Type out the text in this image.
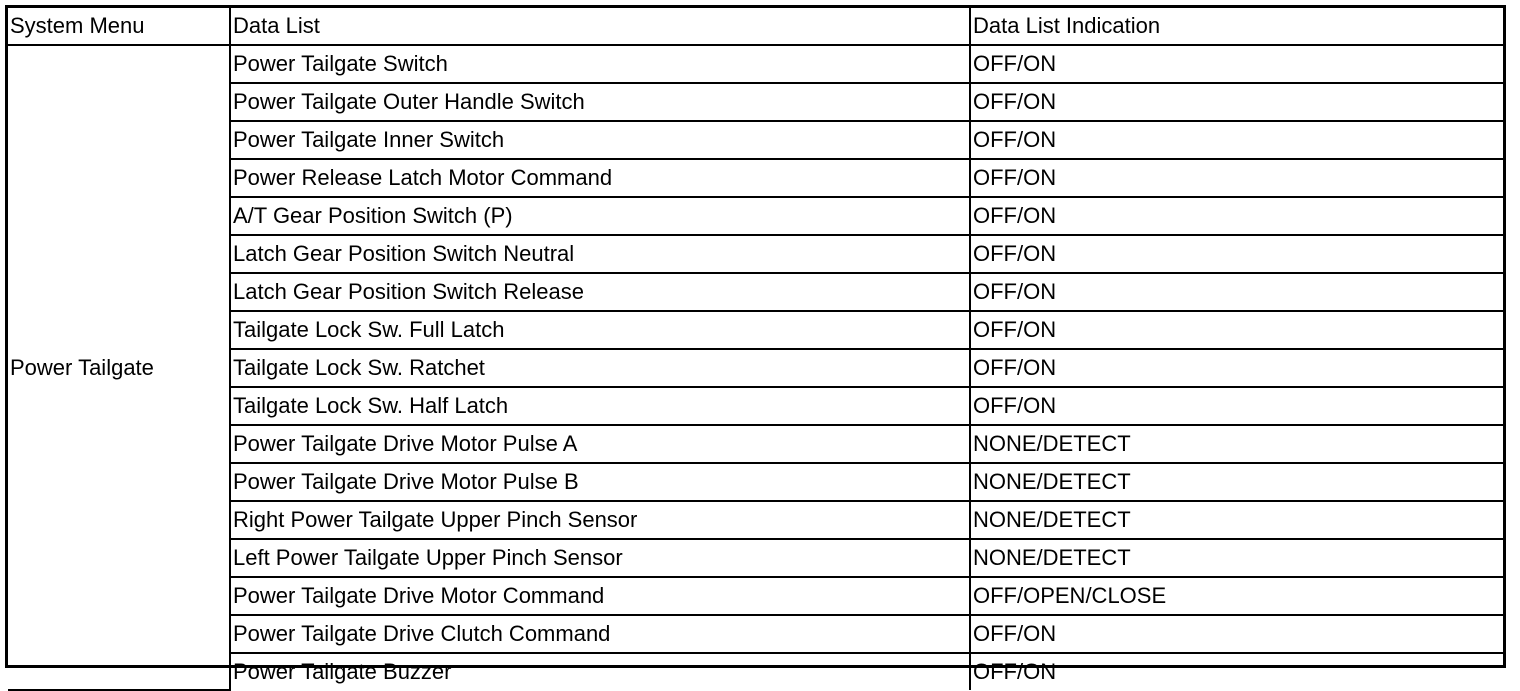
System Menu	Data List	Data List Indication
Power Tailgate	Power Tailgate Switch	OFF/ON
	Power Tailgate Outer Handle Switch	OFF/ON
	Power Tailgate Inner Switch	OFF/ON
	Power Release Latch Motor Command	OFF/ON
	A/T Gear Position Switch (P)	OFF/ON
	Latch Gear Position Switch Neutral	OFF/ON
	Latch Gear Position Switch Release	OFF/ON
	Tailgate Lock Sw. Full Latch	OFF/ON
	Tailgate Lock Sw. Ratchet	OFF/ON
	Tailgate Lock Sw. Half Latch	OFF/ON
	Power Tailgate Drive Motor Pulse A	NONE/DETECT
	Power Tailgate Drive Motor Pulse B	NONE/DETECT
	Right Power Tailgate Upper Pinch Sensor	NONE/DETECT
	Left Power Tailgate Upper Pinch Sensor	NONE/DETECT
	Power Tailgate Drive Motor Command	OFF/OPEN/CLOSE
	Power Tailgate Drive Clutch Command	OFF/ON
	Power Tailgate Buzzer	OFF/ON
